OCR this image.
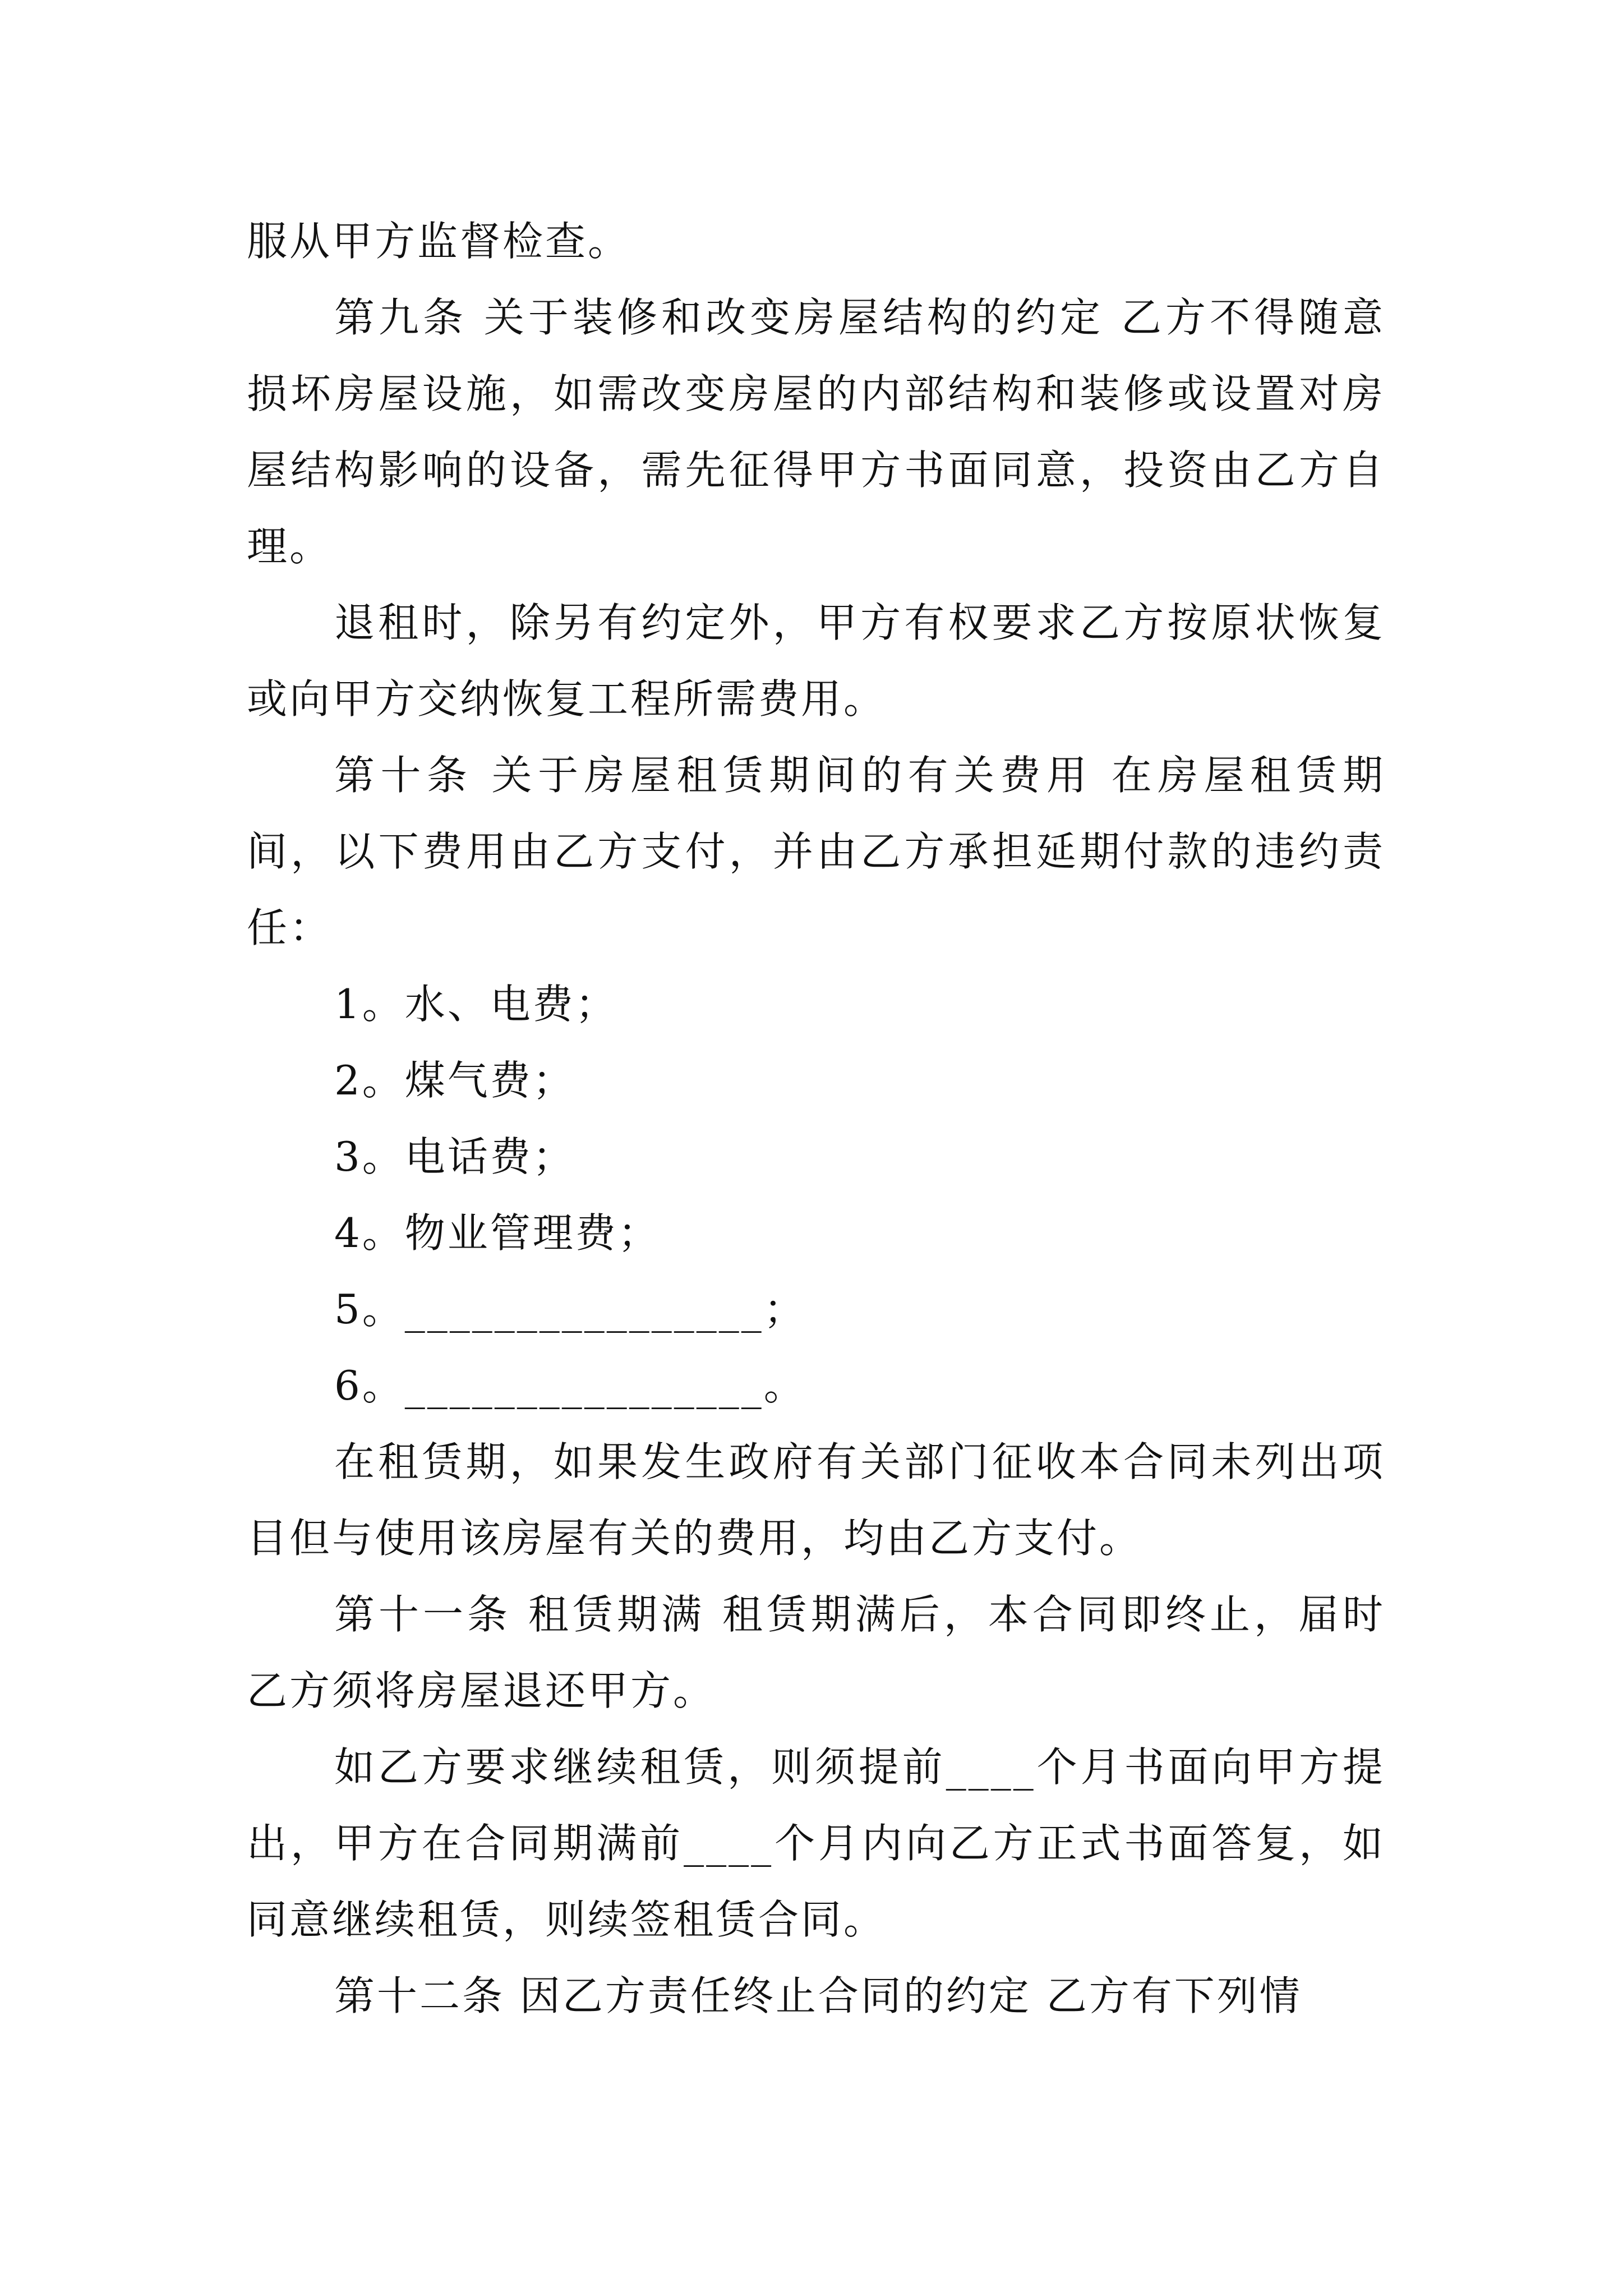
服从甲方监督检查。

第九条 关于装修和改变房屋结构的约定 乙方不得随意损坏房屋设施，如需改变房屋的内部结构和装修或设置对房屋结构影响的设备，需先征得甲方书面同意，投资由乙方自理。

退租时，除另有约定外，甲方有权要求乙方按原状恢复或向甲方交纳恢复工程所需费用。

第十条 关于房屋租赁期间的有关费用 在房屋租赁期间，以下费用由乙方支付，并由乙方承担延期付款的违约责任：

1。水、电费；

2。煤气费；

3。电话费；

4。物业管理费；

5。________________；

6。________________。

在租赁期，如果发生政府有关部门征收本合同未列出项目但与使用该房屋有关的费用，均由乙方支付。

第十一条 租赁期满 租赁期满后，本合同即终止，届时乙方须将房屋退还甲方。

如乙方要求继续租赁，则须提前____个月书面向甲方提出，甲方在合同期满前____个月内向乙方正式书面答复，如同意继续租赁，则续签租赁合同。

第十二条 因乙方责任终止合同的约定 乙方有下列情
